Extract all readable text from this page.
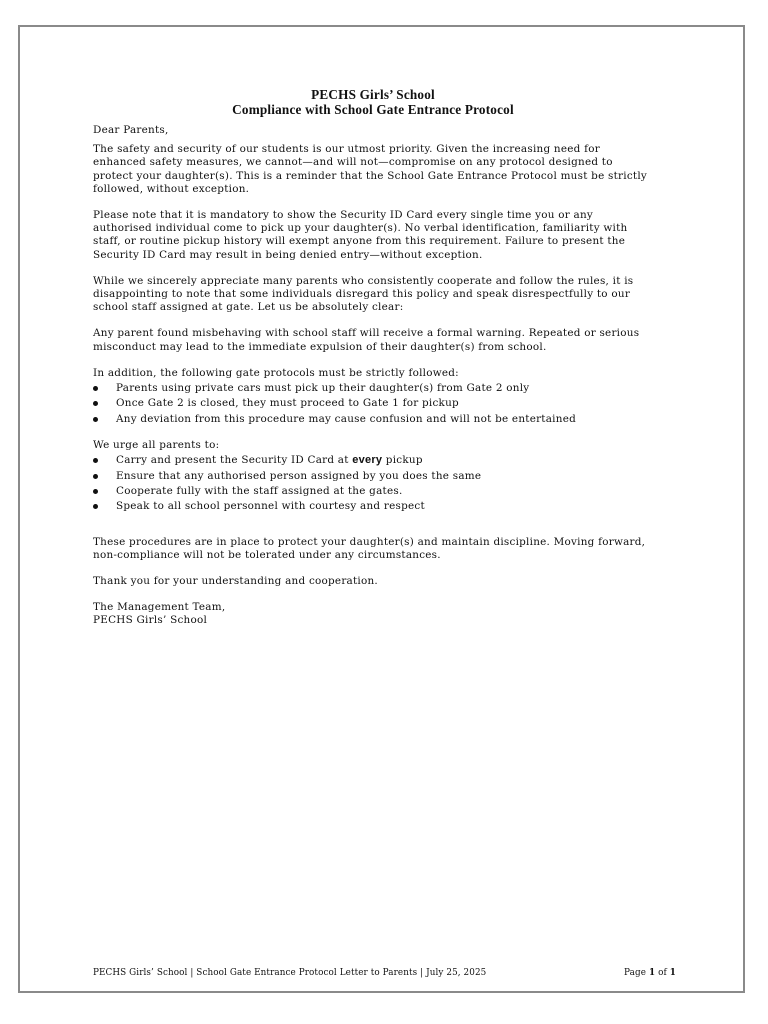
PECHS Girls’ School
Compliance with School Gate Entrance Protocol

Dear Parents,

The safety and security of our students is our utmost priority. Given the increasing need for enhanced safety measures, we cannot—and will not—compromise on any protocol designed to protect your daughter(s). This is a reminder that the School Gate Entrance Protocol must be strictly followed, without exception.

Please note that it is mandatory to show the Security ID Card every single time you or any authorised individual come to pick up your daughter(s). No verbal identification, familiarity with staff, or routine pickup history will exempt anyone from this requirement. Failure to present the Security ID Card may result in being denied entry—without exception.

While we sincerely appreciate many parents who consistently cooperate and follow the rules, it is disappointing to note that some individuals disregard this policy and speak disrespectfully to our school staff assigned at gate. Let us be absolutely clear:

Any parent found misbehaving with school staff will receive a formal warning. Repeated or serious misconduct may lead to the immediate expulsion of their daughter(s) from school.

In addition, the following gate protocols must be strictly followed:

Parents using private cars must pick up their daughter(s) from Gate 2 only
Once Gate 2 is closed, they must proceed to Gate 1 for pickup
Any deviation from this procedure may cause confusion and will not be entertained

We urge all parents to:

Carry and present the Security ID Card at every pickup
Ensure that any authorised person assigned by you does the same
Cooperate fully with the staff assigned at the gates.
Speak to all school personnel with courtesy and respect

These procedures are in place to protect your daughter(s) and maintain discipline. Moving forward, non-compliance will not be tolerated under any circumstances.

Thank you for your understanding and cooperation.

The Management Team,

PECHS Girls’ School

PECHS Girls’ School | School Gate Entrance Protocol Letter to Parents | July 25, 2025	Page 1 of 1
